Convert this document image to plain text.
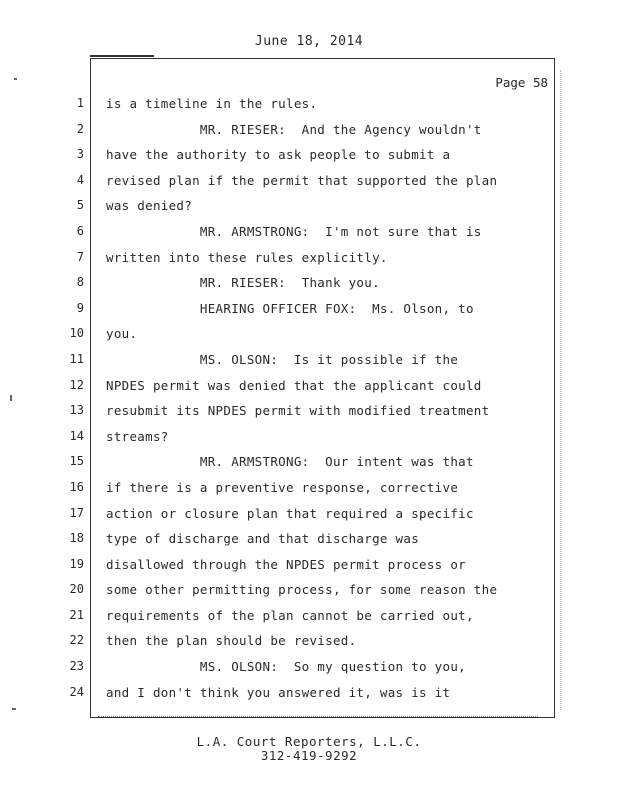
June 18, 2014
Page 58
1
2
3
4
5
6
7
8
9
10
11
12
13
14
15
16
17
18
19
20
21
22
23
24
is a timeline in the rules.
MR. RIESER:  And the Agency wouldn't
have the authority to ask people to submit a
revised plan if the permit that supported the plan
was denied?
MR. ARMSTRONG:  I'm not sure that is
written into these rules explicitly.
MR. RIESER:  Thank you.
HEARING OFFICER FOX:  Ms. Olson, to
you.
MS. OLSON:  Is it possible if the
NPDES permit was denied that the applicant could
resubmit its NPDES permit with modified treatment
streams?
MR. ARMSTRONG:  Our intent was that
if there is a preventive response, corrective
action or closure plan that required a specific
type of discharge and that discharge was
disallowed through the NPDES permit process or
some other permitting process, for some reason the
requirements of the plan cannot be carried out,
then the plan should be revised.
MS. OLSON:  So my question to you,
and I don't think you answered it, was is it
L.A. Court Reporters, L.L.C.
312-419-9292
